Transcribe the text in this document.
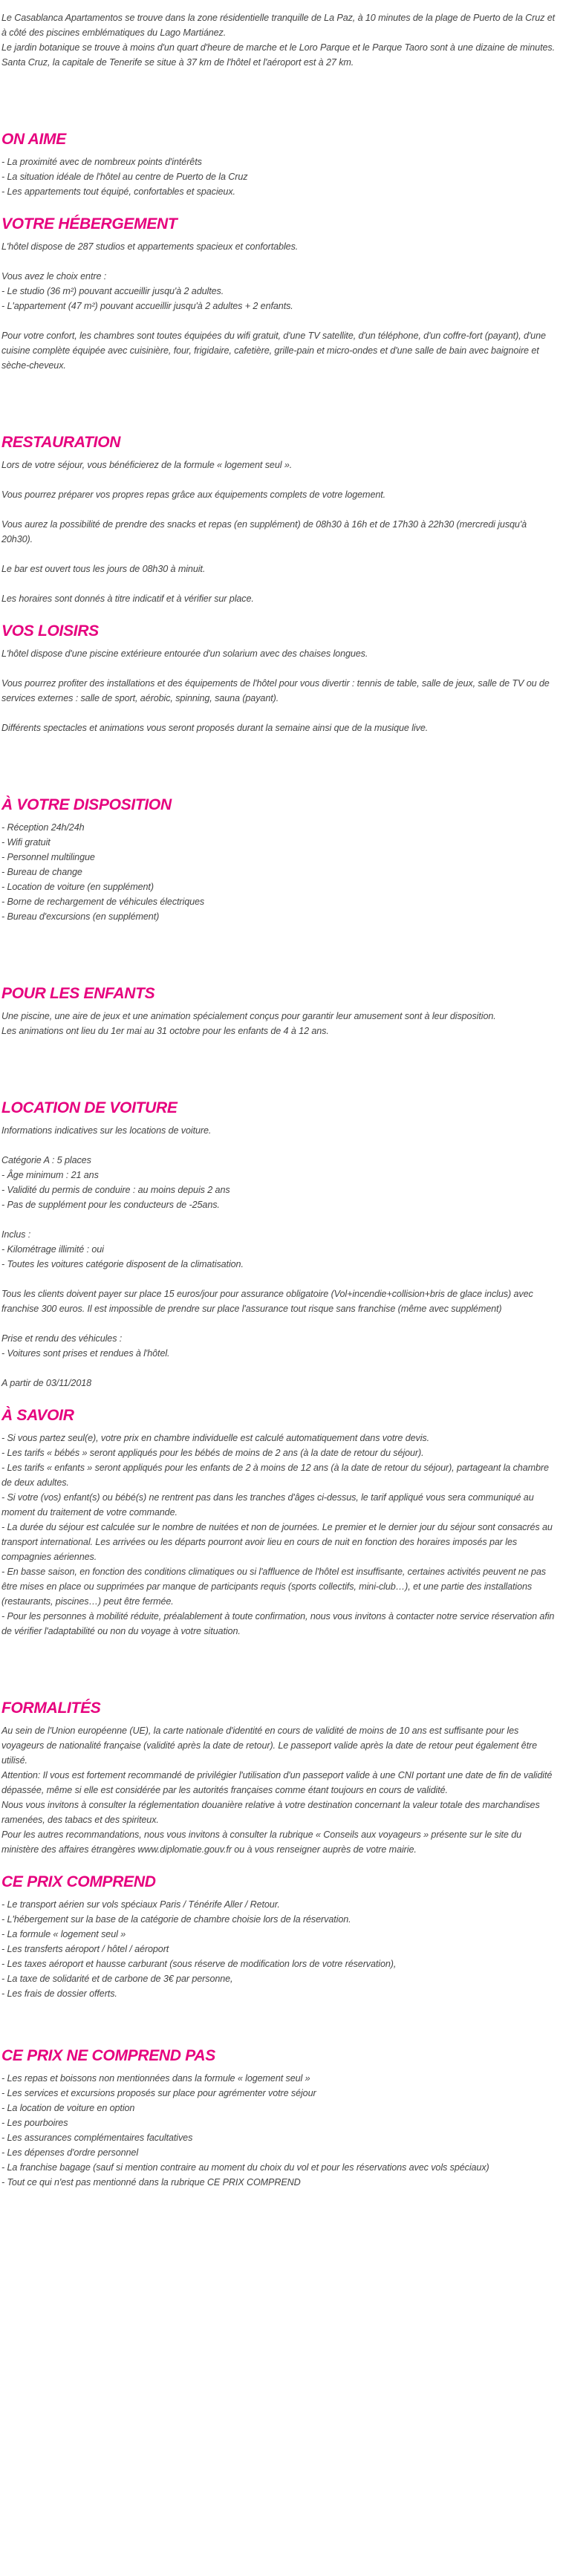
Le Casablanca Apartamentos se trouve dans la zone résidentielle tranquille de La Paz, à 10 minutes de la plage de Puerto de la Cruz et à côté des piscines emblématiques du Lago Martiánez.
Le jardin botanique se trouve à moins d'un quart d'heure de marche et le Loro Parque et le Parque Taoro sont à une dizaine de minutes. Santa Cruz, la capitale de Tenerife se situe à 37 km de l'hôtel et l'aéroport est à 27 km.
ON AIME
- La proximité avec de nombreux points d'intérêts
- La situation idéale de l'hôtel au centre de Puerto de la Cruz
- Les appartements tout équipé, confortables et spacieux.
VOTRE HÉBERGEMENT
L'hôtel dispose de 287 studios et appartements spacieux et confortables.
Vous avez le choix entre :
- Le studio (36 m²) pouvant accueillir jusqu'à 2 adultes.
- L'appartement (47 m²) pouvant accueillir jusqu'à 2 adultes + 2 enfants.
Pour votre confort, les chambres sont toutes équipées du wifi gratuit, d'une TV satellite, d'un téléphone, d'un coffre-fort (payant), d'une cuisine complète équipée avec cuisinière, four, frigidaire, cafetière, grille-pain et micro-ondes et d'une salle de bain avec baignoire et sèche-cheveux.
RESTAURATION
Lors de votre séjour, vous bénéficierez de la formule « logement seul ».
Vous pourrez préparer vos propres repas grâce aux équipements complets de votre logement.
Vous aurez la possibilité de prendre des snacks et repas (en supplément) de 08h30 à 16h et de 17h30 à 22h30 (mercredi jusqu'à 20h30).
Le bar est ouvert tous les jours de 08h30 à minuit.
Les horaires sont donnés à titre indicatif et à vérifier sur place.
VOS LOISIRS
L'hôtel dispose d'une piscine extérieure entourée d'un solarium avec des chaises longues.
Vous pourrez profiter des installations et des équipements de l'hôtel pour vous divertir : tennis de table, salle de jeux, salle de TV ou de services externes : salle de sport, aérobic, spinning, sauna (payant).
Différents spectacles et animations vous seront proposés durant la semaine ainsi que de la musique live.
À VOTRE DISPOSITION
- Réception 24h/24h
- Wifi gratuit
- Personnel multilingue
- Bureau de change
- Location de voiture (en supplément)
- Borne de rechargement de véhicules électriques
- Bureau d'excursions (en supplément)
POUR LES ENFANTS
Une piscine, une aire de jeux et une animation spécialement conçus pour garantir leur amusement sont à leur disposition.
Les animations ont lieu du 1er mai au 31 octobre pour les enfants de 4 à 12 ans.
LOCATION DE VOITURE
Informations indicatives sur les locations de voiture.
Catégorie A : 5 places
- Âge minimum : 21 ans
- Validité du permis de conduire : au moins depuis 2 ans
- Pas de supplément pour les conducteurs de -25ans.
Inclus :
- Kilométrage illimité : oui
- Toutes les voitures catégorie disposent de la climatisation.
Tous les clients doivent payer sur place 15 euros/jour pour assurance obligatoire (Vol+incendie+collision+bris de glace inclus) avec franchise 300 euros. Il est impossible de prendre sur place l'assurance tout risque sans franchise (même avec supplément)
Prise et rendu des véhicules :
- Voitures sont prises et rendues à l'hôtel.
A partir de 03/11/2018
À SAVOIR
- Si vous partez seul(e), votre prix en chambre individuelle est calculé automatiquement dans votre devis.
- Les tarifs « bébés » seront appliqués pour les bébés de moins de 2 ans (à la date de retour du séjour).
- Les tarifs « enfants » seront appliqués pour les enfants de 2 à moins de 12 ans (à la date de retour du séjour), partageant la chambre de deux adultes.
- Si votre (vos) enfant(s) ou bébé(s) ne rentrent pas dans les tranches d'âges ci-dessus, le tarif appliqué vous sera communiqué au moment du traitement de votre commande.
- La durée du séjour est calculée sur le nombre de nuitées et non de journées. Le premier et le dernier jour du séjour sont consacrés au transport international. Les arrivées ou les départs pourront avoir lieu en cours de nuit en fonction des horaires imposés par les compagnies aériennes.
- En basse saison, en fonction des conditions climatiques ou si l'affluence de l'hôtel est insuffisante, certaines activités peuvent ne pas être mises en place ou supprimées par manque de participants requis (sports collectifs, mini-club…), et une partie des installations (restaurants, piscines…) peut être fermée.
- Pour les personnes à mobilité réduite, préalablement à toute confirmation, nous vous invitons à contacter notre service réservation afin de vérifier l'adaptabilité ou non du voyage à votre situation.
FORMALITÉS
Au sein de l'Union européenne (UE), la carte nationale d'identité en cours de validité de moins de 10 ans est suffisante pour les voyageurs de nationalité française (validité après la date de retour). Le passeport valide après la date de retour peut également être utilisé.
Attention: Il vous est fortement recommandé de privilégier l'utilisation d'un passeport valide à une CNI portant une date de fin de validité dépassée, même si elle est considérée par les autorités françaises comme étant toujours en cours de validité.
Nous vous invitons à consulter la réglementation douanière relative à votre destination concernant la valeur totale des marchandises ramenées, des tabacs et des spiriteux.
Pour les autres recommandations, nous vous invitons à consulter la rubrique « Conseils aux voyageurs » présente sur le site du ministère des affaires étrangères www.diplomatie.gouv.fr ou à vous renseigner auprès de votre mairie.
CE PRIX COMPREND
- Le transport aérien sur vols spéciaux Paris / Ténérife Aller / Retour.
- L'hébergement sur la base de la catégorie de chambre choisie lors de la réservation.
- La formule « logement seul »
- Les transferts aéroport / hôtel / aéroport
- Les taxes aéroport et hausse carburant (sous réserve de modification lors de votre réservation),
- La taxe de solidarité et de carbone de 3€ par personne,
- Les frais de dossier offerts.
CE PRIX NE COMPREND PAS
- Les repas et boissons non mentionnées dans la formule « logement seul »
- Les services et excursions proposés sur place pour agrémenter votre séjour
- La location de voiture en option
- Les pourboires
- Les assurances complémentaires facultatives
- Les dépenses d'ordre personnel
- La franchise bagage (sauf si mention contraire au moment du choix du vol et pour les réservations avec vols spéciaux)
- Tout ce qui n'est pas mentionné dans la rubrique CE PRIX COMPREND
